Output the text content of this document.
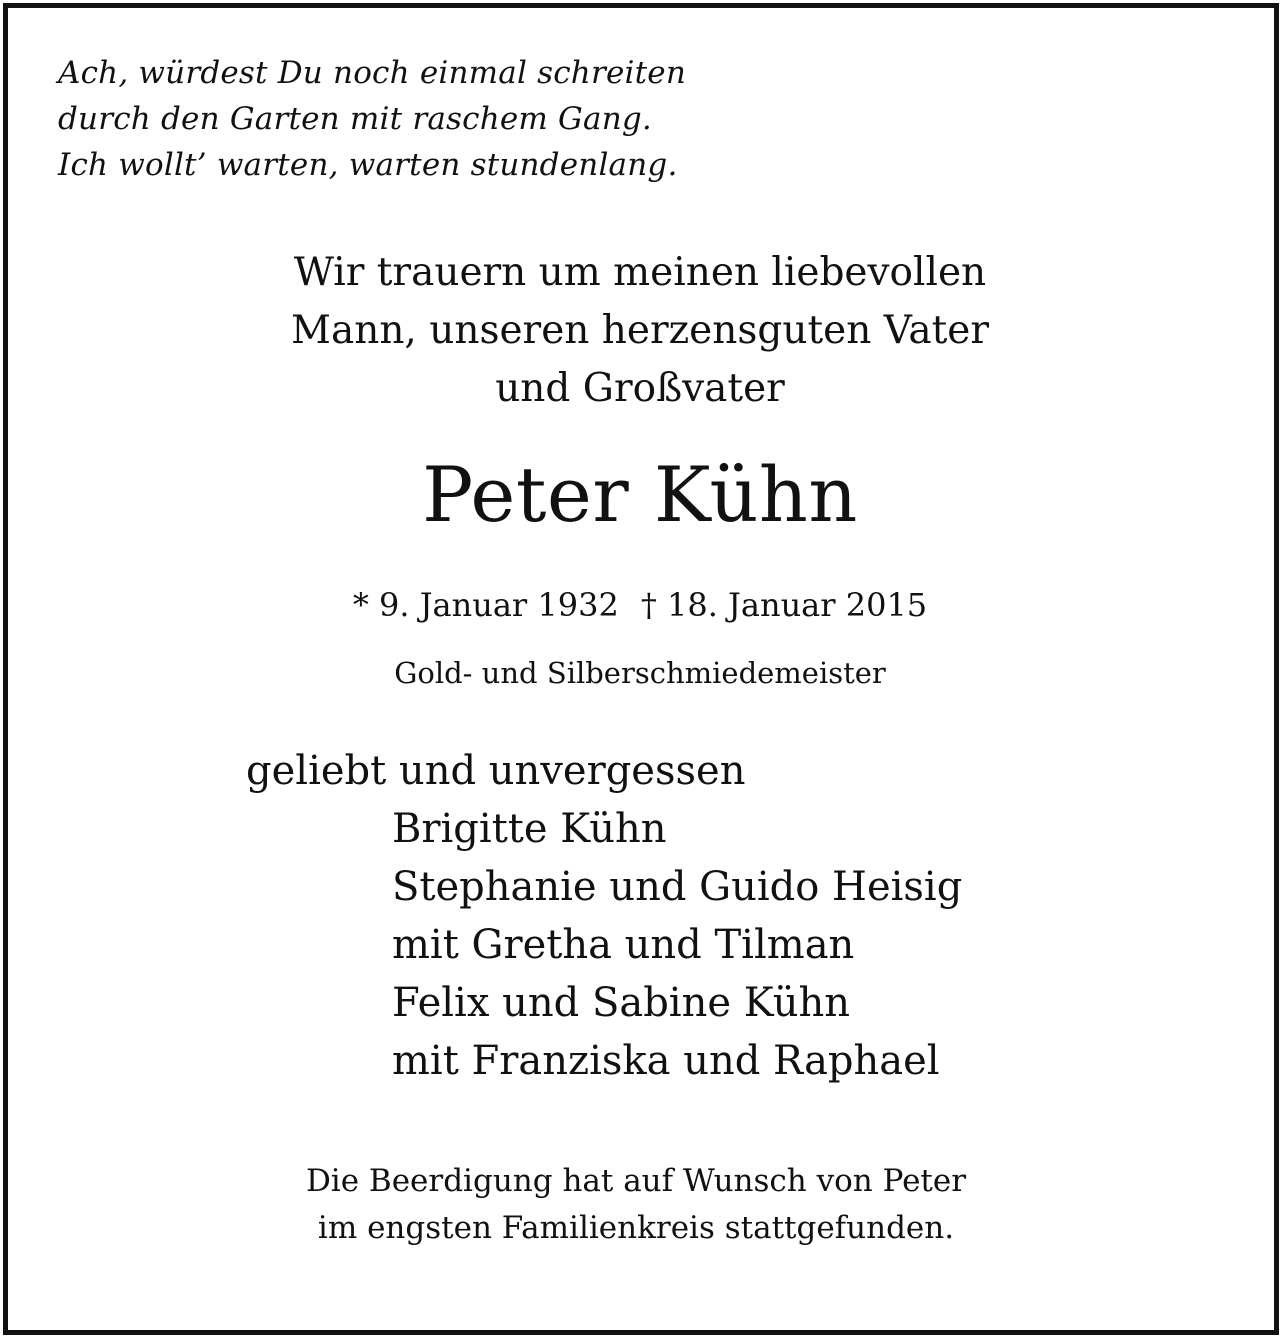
Ach, würdest Du noch einmal schreiten
durch den Garten mit raschem Gang.
Ich wollt’ warten, warten stundenlang.
Wir trauern um meinen liebevollen
Mann, unseren herzensguten Vater
und Großvater
Peter Kühn
* 9. Januar 1932 † 18. Januar 2015
Gold- und Silberschmiedemeister
geliebt und unvergessen
Brigitte Kühn
Stephanie und Guido Heisig
mit Gretha und Tilman
Felix und Sabine Kühn
mit Franziska und Raphael
Die Beerdigung hat auf Wunsch von Peter
im engsten Familienkreis stattgefunden.
